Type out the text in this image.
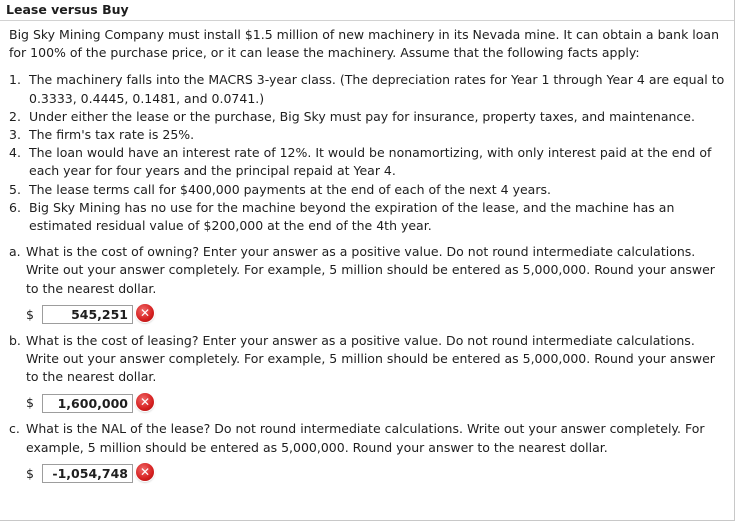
Lease versus Buy

Big Sky Mining Company must install $1.5 million of new machinery in its Nevada mine. It can obtain a bank loan for 100% of the purchase price, or it can lease the machinery. Assume that the following facts apply:

1. The machinery falls into the MACRS 3-year class. (The depreciation rates for Year 1 through Year 4 are equal to 0.3333, 0.4445, 0.1481, and 0.0741.)
2. Under either the lease or the purchase, Big Sky must pay for insurance, property taxes, and maintenance.
3. The firm's tax rate is 25%.
4. The loan would have an interest rate of 12%. It would be nonamortizing, with only interest paid at the end of each year for four years and the principal repaid at Year 4.
5. The lease terms call for $400,000 payments at the end of each of the next 4 years.
6. Big Sky Mining has no use for the machine beyond the expiration of the lease, and the machine has an estimated residual value of $200,000 at the end of the 4th year.
a. What is the cost of owning? Enter your answer as a positive value. Do not round intermediate calculations. Write out your answer completely. For example, 5 million should be entered as 5,000,000. Round your answer to the nearest dollar.
$	545,251 ✕
b. What is the cost of leasing? Enter your answer as a positive value. Do not round intermediate calculations. Write out your answer completely. For example, 5 million should be entered as 5,000,000. Round your answer to the nearest dollar.
$	1,600,000 ✕
c. What is the NAL of the lease? Do not round intermediate calculations. Write out your answer completely. For example, 5 million should be entered as 5,000,000. Round your answer to the nearest dollar.
$	-1,054,748 ✕
